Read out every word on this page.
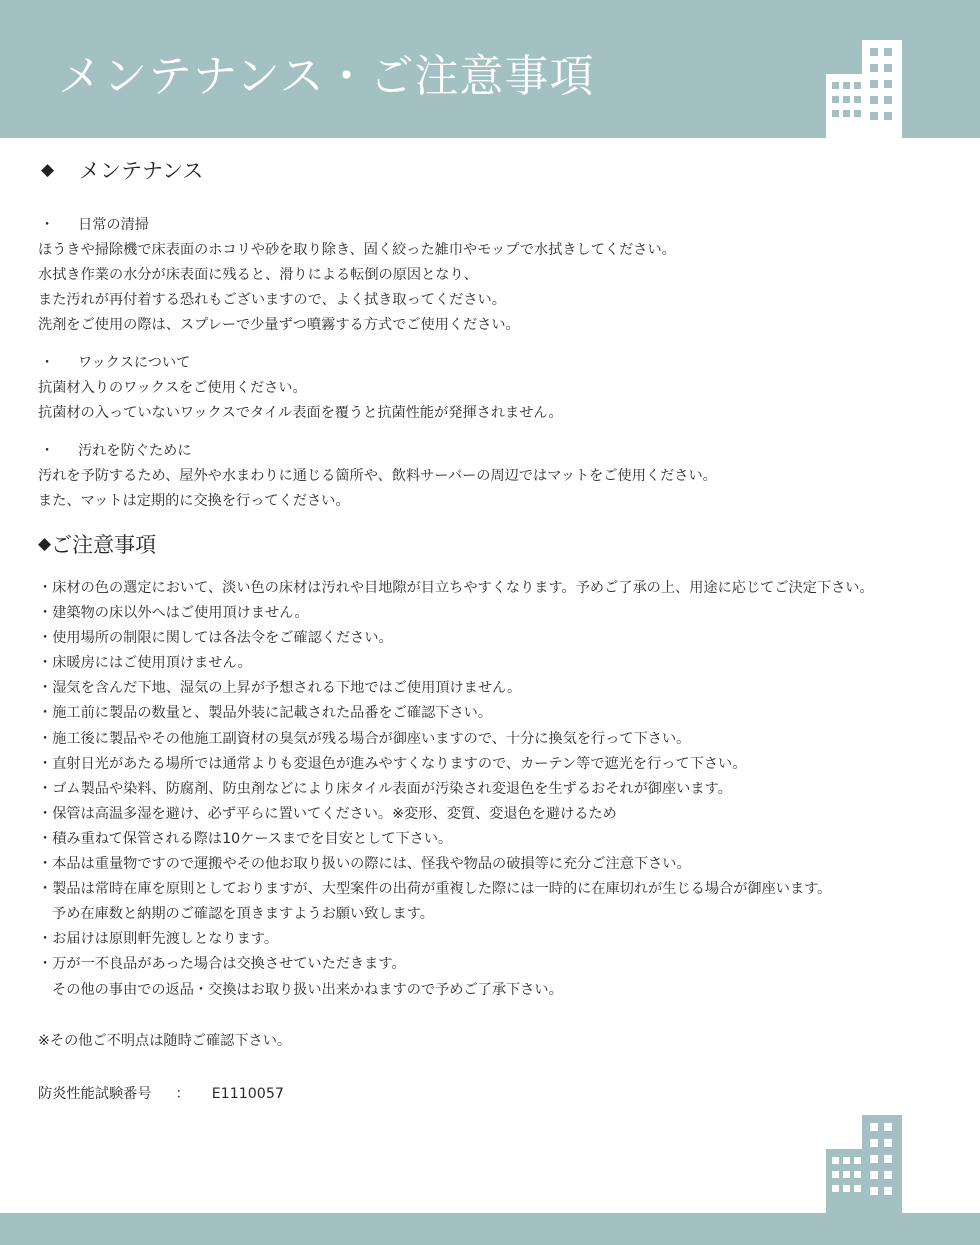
メンテナンス・ご注意事項
◆	メンテナンス
・	日常の清掃
ほうきや掃除機で床表面のホコリや砂を取り除き、固く絞った雑巾やモップで水拭きしてください。
水拭き作業の水分が床表面に残ると、滑りによる転倒の原因となり、
また汚れが再付着する恐れもございますので、よく拭き取ってください。
洗剤をご使用の際は、スプレーで少量ずつ噴霧する方式でご使用ください。
・	ワックスについて
抗菌材入りのワックスをご使用ください。
抗菌材の入っていないワックスでタイル表面を覆うと抗菌性能が発揮されません。
・	汚れを防ぐために
汚れを予防するため、屋外や水まわりに通じる箇所や、飲料サーバーの周辺ではマットをご使用ください。
また、マットは定期的に交換を行ってください。
◆ ご注意事項
・床材の色の選定において、淡い色の床材は汚れや目地隙が目立ちやすくなります。予めご了承の上、用途に応じてご決定下さい。
・建築物の床以外へはご使用頂けません。
・使用場所の制限に関しては各法令をご確認ください。
・床暖房にはご使用頂けません。
・湿気を含んだ下地、湿気の上昇が予想される下地ではご使用頂けません。
・施工前に製品の数量と、製品外装に記載された品番をご確認下さい。
・施工後に製品やその他施工副資材の臭気が残る場合が御座いますので、十分に換気を行って下さい。
・直射日光があたる場所では通常よりも変退色が進みやすくなりますので、カーテン等で遮光を行って下さい。
・ゴム製品や染料、防腐剤、防虫剤などにより床タイル表面が汚染され変退色を生ずるおそれが御座います。
・保管は高温多湿を避け、必ず平らに置いてください。※変形、変質、変退色を避けるため
・積み重ねて保管される際は10ケースまでを目安として下さい。
・本品は重量物ですので運搬やその他お取り扱いの際には、怪我や物品の破損等に充分ご注意下さい。
・製品は常時在庫を原則としておりますが、大型案件の出荷が重複した際には一時的に在庫切れが生じる場合が御座います。
予め在庫数と納期のご確認を頂きますようお願い致します。
・お届けは原則軒先渡しとなります。
・万が一不良品があった場合は交換させていただきます。
その他の事由での返品・交換はお取り扱い出来かねますので予めご了承下さい。
※その他ご不明点は随時ご確認下さい。
防炎性能試験番号 ： E1110057
